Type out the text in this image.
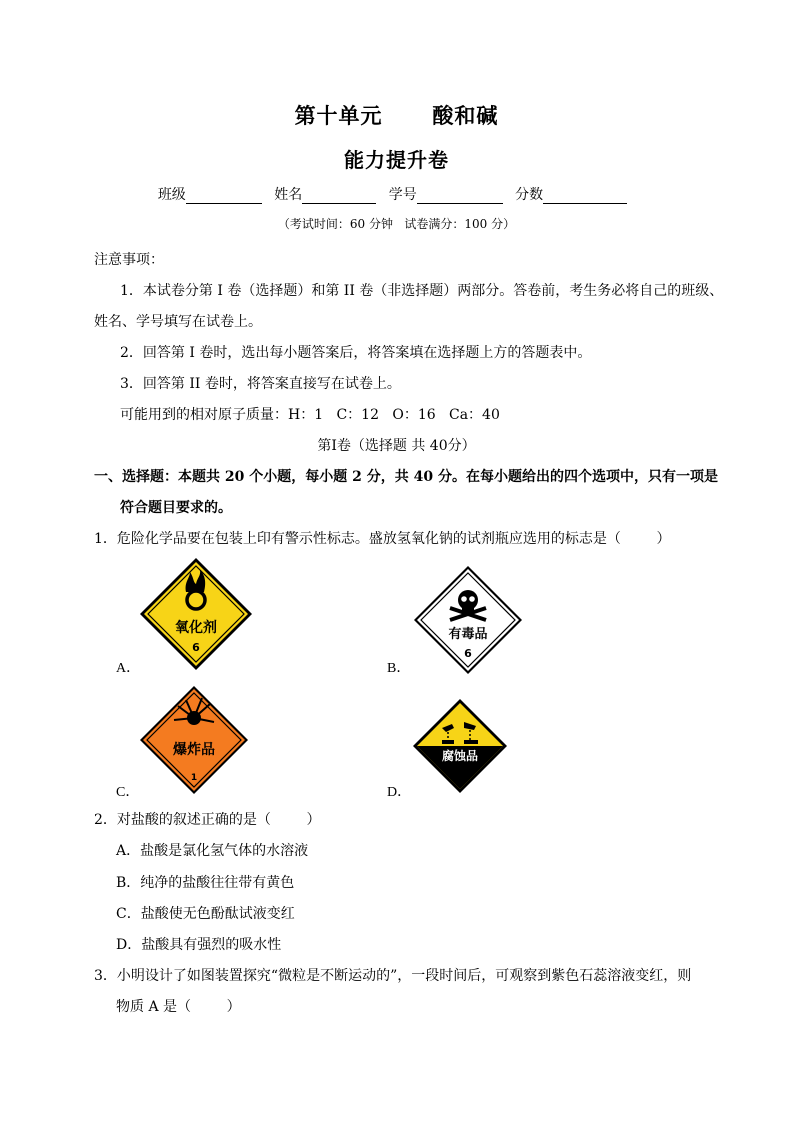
第十单元      酸和碱
能力提升卷
班级	姓名	学号	分数
（考试时间：60 分钟   试卷满分：100 分）
注意事项：
1．本试卷分第 I 卷（选择题）和第 II 卷（非选择题）两部分。答卷前，考生务必将自己的班级、
姓名、学号填写在试卷上。
2．回答第 I 卷时，选出每小题答案后，将答案填在选择题上方的答题表中。
3．回答第 II 卷时，将答案直接写在试卷上。
可能用到的相对原子质量：H：1   C：12   O：16   Ca：40
第Ⅰ卷（选择题 共 40分）
一、选择题：本题共 20 个小题，每小题 2 分，共 40 分。在每小题给出的四个选项中，只有一项是
符合题目要求的。
1．危险化学品要在包装上印有警示性标志。盛放氢氧化钠的试剂瓶应选用的标志是（        ）
A．
氧化剂
6
B．
有毒品
6
C．
爆炸品
1
D．
腐蚀品
2．对盐酸的叙述正确的是（        ）
A．盐酸是氯化氢气体的水溶液
B．纯净的盐酸往往带有黄色
C．盐酸使无色酚酞试液变红
D．盐酸具有强烈的吸水性
3．小明设计了如图装置探究“微粒是不断运动的”，一段时间后，可观察到紫色石蕊溶液变红，则
物质 A 是（        ）
